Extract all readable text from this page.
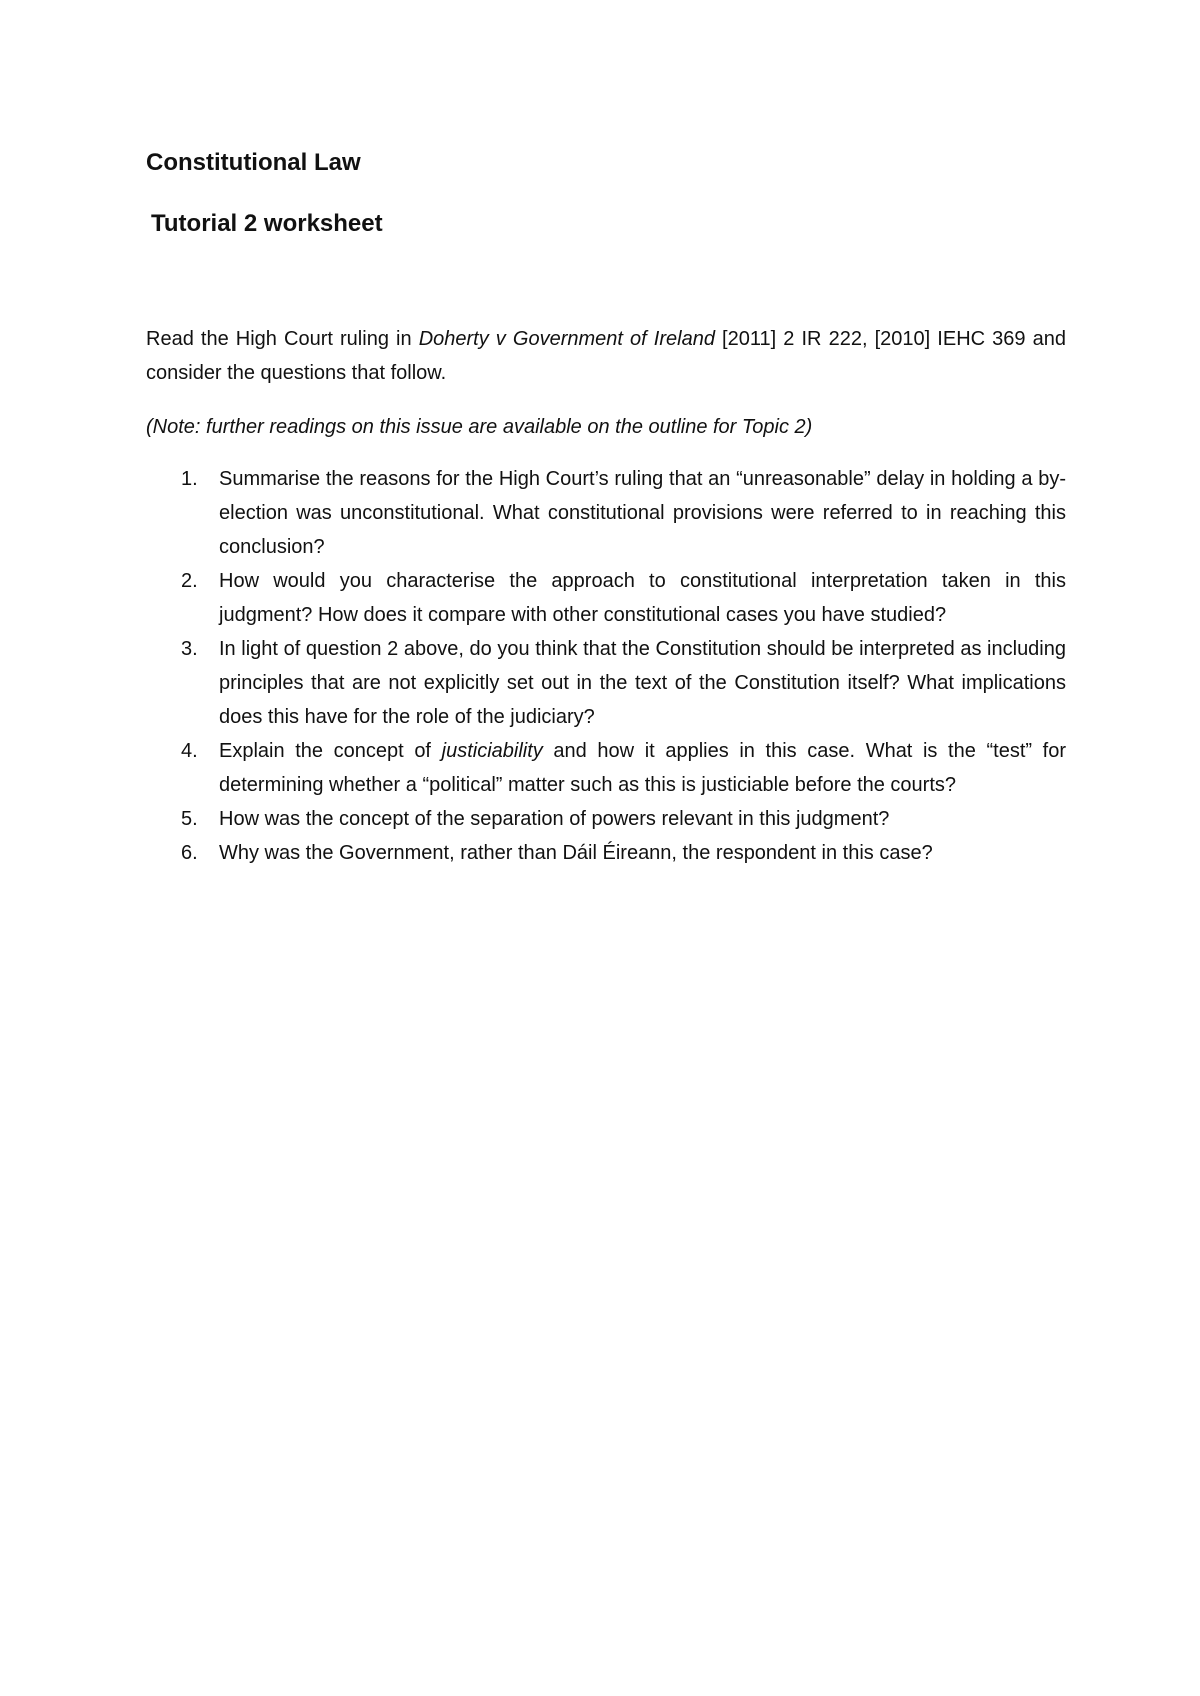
Constitutional Law
Tutorial 2 worksheet

Read the High Court ruling in Doherty v Government of Ireland [2011] 2 IR 222, [2010] IEHC 369 and consider the questions that follow.

(Note: further readings on this issue are available on the outline for Topic 2)

1. Summarise the reasons for the High Court’s ruling that an “unreasonable” delay in holding a by-election was unconstitutional. What constitutional provisions were referred to in reaching this conclusion?
2. How would you characterise the approach to constitutional interpretation taken in this judgment? How does it compare with other constitutional cases you have studied?
3. In light of question 2 above, do you think that the Constitution should be interpreted as including principles that are not explicitly set out in the text of the Constitution itself? What implications does this have for the role of the judiciary?
4. Explain the concept of justiciability and how it applies in this case. What is the “test” for determining whether a “political” matter such as this is justiciable before the courts?
5. How was the concept of the separation of powers relevant in this judgment?
6. Why was the Government, rather than Dáil Éireann, the respondent in this case?
